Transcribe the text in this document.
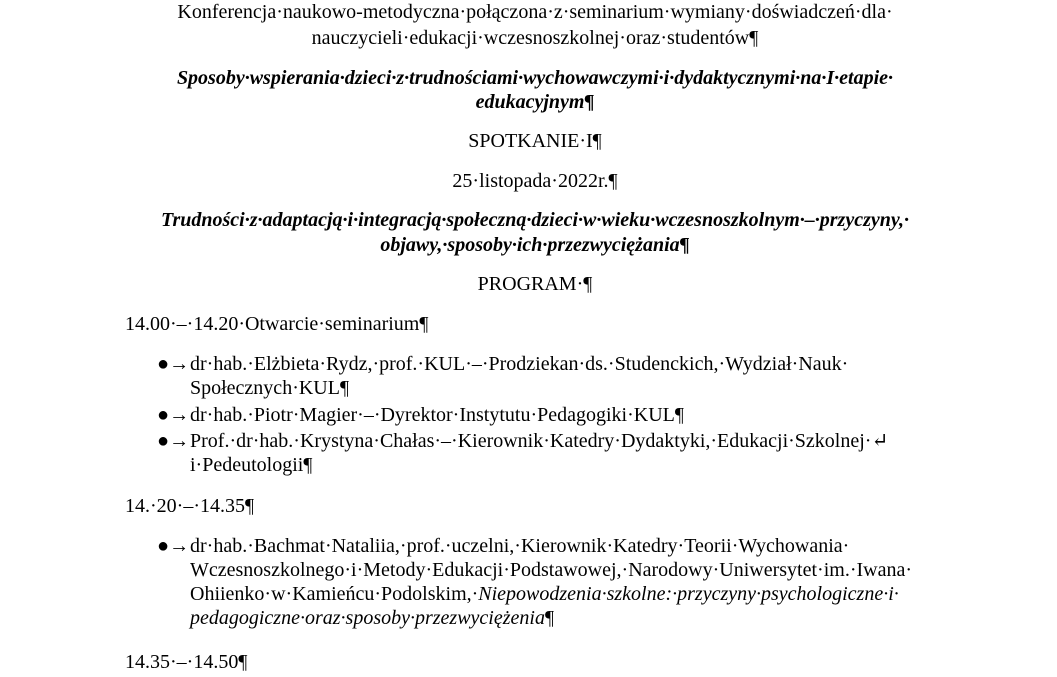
Konferencja·naukowo-metodyczna·połączona·z·seminarium·wymiany·doświadczeń·dla·
nauczycieli·edukacji·wczesnoszkolnej·oraz·studentów¶
Sposoby·wspierania·dzieci·z·trudnościami·wychowawczymi·i·dydaktycznymi·na·I·etapie·
edukacyjnym¶
SPOTKANIE·I¶
25·listopada·2022r.¶
Trudności·z·adaptacją·i·integracją·społeczną·dzieci·w·wieku·wczesnoszkolnym·–·przyczyny,·
objawy,·sposoby·ich·przezwyciężania¶
PROGRAM·¶
14.00·–·14.20·Otwarcie·seminarium¶
●→ dr·hab.·Elżbieta·Rydz,·prof.·KUL·–·Prodziekan·ds.·Studenckich,·Wydział·Nauk·
Społecznych·KUL¶
●→ dr·hab.·Piotr·Magier·–·Dyrektor·Instytutu·Pedagogiki·KUL¶
●→ Prof.·dr·hab.·Krystyna·Chałas·–·Kierownik·Katedry·Dydaktyki,·Edukacji·Szkolnej·↵
i·Pedeutologii¶
14.·20·–·14.35¶
●→ dr·hab.·Bachmat·Nataliia,·prof.·uczelni,·Kierownik·Katedry·Teorii·Wychowania·
Wczesnoszkolnego·i·Metody·Edukacji·Podstawowej,·Narodowy·Uniwersytet·im.·Iwana·
Ohiienko·w·Kamieńcu·Podolskim,·Niepowodzenia·szkolne:·przyczyny·psychologiczne·i·
pedagogiczne·oraz·sposoby·przezwyciężenia¶
14.35·–·14.50¶
